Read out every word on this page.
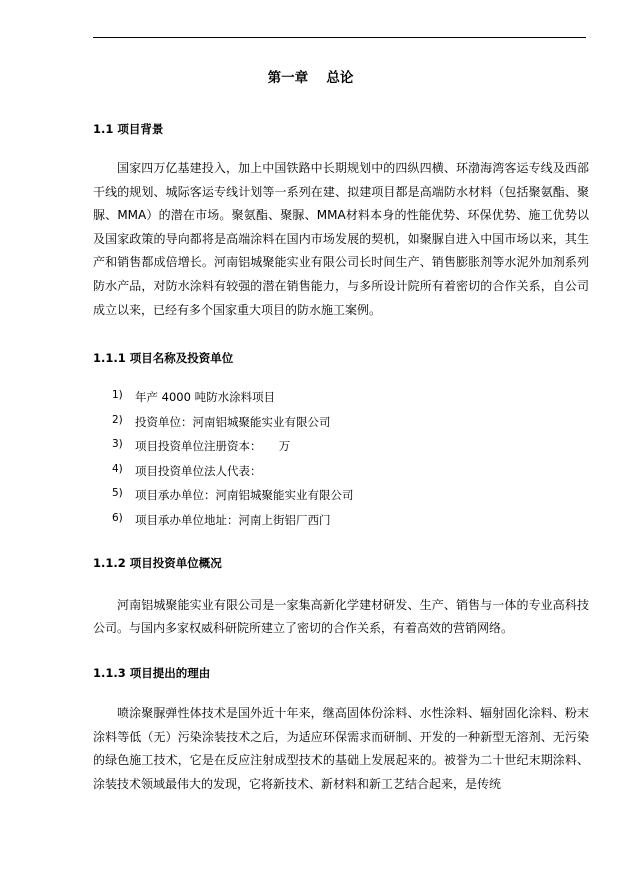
第一章　 总论
1.1 项目背景

国家四万亿基建投入，加上中国铁路中长期规划中的四纵四横、环渤海湾客运专线及西部干线的规划、城际客运专线计划等一系列在建、拟建项目都是高端防水材料（包括聚氨酯、聚脲、MMA）的潜在市场。聚氨酯、聚脲、MMA材料本身的性能优势、环保优势、施工优势以及国家政策的导向都将是高端涂料在国内市场发展的契机，如聚脲自进入中国市场以来，其生产和销售都成倍增长。河南铝城聚能实业有限公司长时间生产、销售膨胀剂等水泥外加剂系列防水产品，对防水涂料有较强的潜在销售能力，与多所设计院所有着密切的合作关系，自公司成立以来，已经有多个国家重大项目的防水施工案例。

1.1.1 项目名称及投资单位
1)	年产 4000 吨防水涂料项目
2)	投资单位：河南铝城聚能实业有限公司
3)	项目投资单位注册资本：　　万
4)	项目投资单位法人代表：
5)	项目承办单位：河南铝城聚能实业有限公司
6)	项目承办单位地址：河南上街铝厂西门
1.1.2 项目投资单位概况

河南铝城聚能实业有限公司是一家集高新化学建材研发、生产、销售与一体的专业高科技公司。与国内多家权威科研院所建立了密切的合作关系，有着高效的营销网络。

1.1.3 项目提出的理由

喷涂聚脲弹性体技术是国外近十年来，继高固体份涂料、水性涂料、辐射固化涂料、粉末涂料等低（无）污染涂装技术之后，为适应环保需求而研制、开发的一种新型无溶剂、无污染的绿色施工技术，它是在反应注射成型技术的基础上发展起来的。被誉为二十世纪末期涂料、涂装技术领域最伟大的发现，它将新技术、新材料和新工艺结合起来，是传统
